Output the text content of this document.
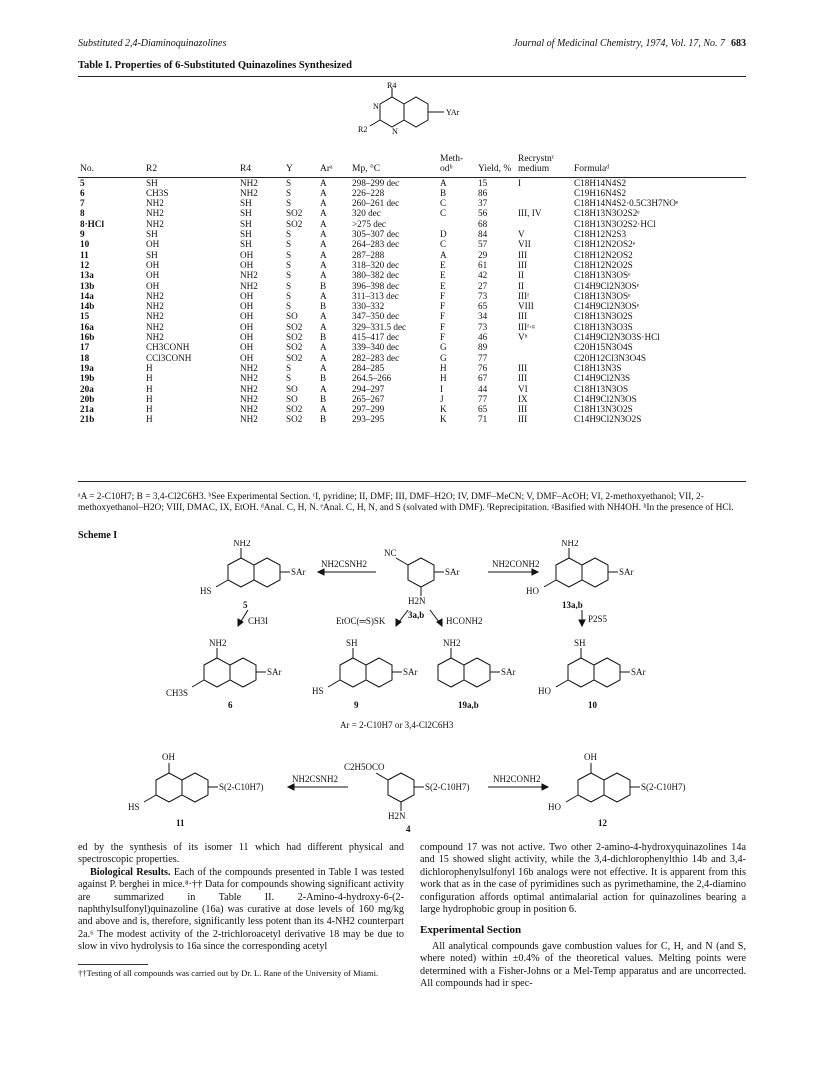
Substituted 2,4-Diaminoquinazolines	Journal of Medicinal Chemistry, 1974, Vol. 17, No. 7 683
Table I. Properties of 6-Substituted Quinazolines Synthesized
R4
N
N
YAr
R2
No.	R2	R4	Y	Arᵃ	Mp, °C	Meth- odᵇ	Yield, %	Recrystnᶜ medium	Formulaᵈ
5	SH	NH2	S	A	298–299 dec	A	15	I	C18H14N4S2
6	CH3S	NH2	S	A	226–228	B	86		C19H16N4S2
7	NH2	SH	S	A	260–261 dec	C	37		C18H14N4S2·0.5C3H7NOᵉ
8	NH2	SH	SO2	A	320 dec	C	56	III, IV	C18H13N3O2S2ᵉ
8·HCl	NH2	SH	SO2	A	>275 dec		68		C18H13N3O2S2·HCl
9	SH	SH	S	A	305–307 dec	D	84	V	C18H12N2S3
10	OH	SH	S	A	264–283 dec	C	57	VII	C18H12N2OS2ᵉ
11	SH	OH	S	A	287–288	A	29	III	C18H12N2OS2
12	OH	OH	S	A	318–320 dec	E	61	III	C18H12N2O2S
13a	OH	NH2	S	A	380–382 dec	E	42	II	C18H13N3OSᵉ
13b	OH	NH2	S	B	396–398 dec	E	27	II	C14H9Cl2N3OSᵉ
14a	NH2	OH	S	A	311–313 dec	F	73	IIIᶠ	C18H13N3OSᵉ
14b	NH2	OH	S	B	330–332	F	65	VIII	C14H9Cl2N3OSᵉ
15	NH2	OH	SO	A	347–350 dec	F	34	III	C18H13N3O2S
16a	NH2	OH	SO2	A	329–331.5 dec	F	73	IIIᶠ·ᵍ	C18H13N3O3S
16b	NH2	OH	SO2	B	415–417 dec	F	46	Vʰ	C14H9Cl2N3O3S·HCl
17	CH3CONH	OH	SO2	A	339–340 dec	G	89		C20H15N3O4S
18	CCl3CONH	OH	SO2	A	282–283 dec	G	77		C20H12Cl3N3O4S
19a	H	NH2	S	A	284–285	H	76	III	C18H13N3S
19b	H	NH2	S	B	264.5–266	H	67	III	C14H9Cl2N3S
20a	H	NH2	SO	A	294–297	I	44	VI	C18H13N3OS
20b	H	NH2	SO	B	265–267	J	77	IX	C14H9Cl2N3OS
21a	H	NH2	SO2	A	297–299	K	65	III	C18H13N3O2S
21b	H	NH2	SO2	B	293–295	K	71	III	C14H9Cl2N3O2S
ᵃA = 2-C10H7; B = 3,4-Cl2C6H3. ᵇSee Experimental Section. ᶜI, pyridine; II, DMF; III, DMF–H2O; IV, DMF–MeCN; V, DMF–AcOH; VI, 2-methoxyethanol; VII, 2-methoxyethanol–H2O; VIII, DMAC, IX, EtOH. ᵈAnal. C, H, N. ᵉAnal. C, H, N, and S (solvated with DMF). ᶠReprecipitation. ᵍBasified with NH4OH. ʰIn the presence of HCl.
Scheme I
NH2
SAr
HS
5
NH2CSNH2
NC
SAr
H2N
3a,b
NH2CONH2
NH2
SAr
HO
13a,b
CH3I	EtOC(═S)SK	HCONH2	P2S5
NH2
SAr
CH3S
6
SH
SAr
HS
9
NH2
SAr
19a,b
SH
SAr
HO
10
Ar = 2-C10H7 or 3,4-Cl2C6H3
OH
S(2-C10H7)
HS
11
NH2CSNH2
C2H5OCO
S(2-C10H7)
H2N
4
NH2CONH2
OH
S(2-C10H7)
HO
12

ed by the synthesis of its isomer 11 which had different physical and spectroscopic properties.

Biological Results. Each of the compounds presented in Table I was tested against P. berghei in mice.⁸·†† Data for compounds showing significant activity are summarized in Table II. 2-Amino-4-hydroxy-6-(2-naphthylsulfonyl)quinazoline (16a) was curative at dose levels of 160 mg/kg and above and is, therefore, significantly less potent than its 4-NH2 counterpart 2a.⁶ The modest activity of the 2-trichloroacetyl derivative 18 may be due to slow in vivo hydrolysis to 16a since the corresponding acetyl

††Testing of all compounds was carried out by Dr. L. Rane of the University of Miami.

compound 17 was not active. Two other 2-amino-4-hydroxyquinazolines 14a and 15 showed slight activity, while the 3,4-dichlorophenylthio 14b and 3,4-dichlorophenylsulfonyl 16b analogs were not effective. It is apparent from this work that as in the case of pyrimidines such as pyrimethamine, the 2,4-diamino configuration affords optimal antimalarial action for quinazolines bearing a large hydrophobic group in position 6.

Experimental Section

All analytical compounds gave combustion values for C, H, and N (and S, where noted) within ±0.4% of the theoretical values. Melting points were determined with a Fisher-Johns or a Mel-Temp apparatus and are uncorrected. All compounds had ir spec-
